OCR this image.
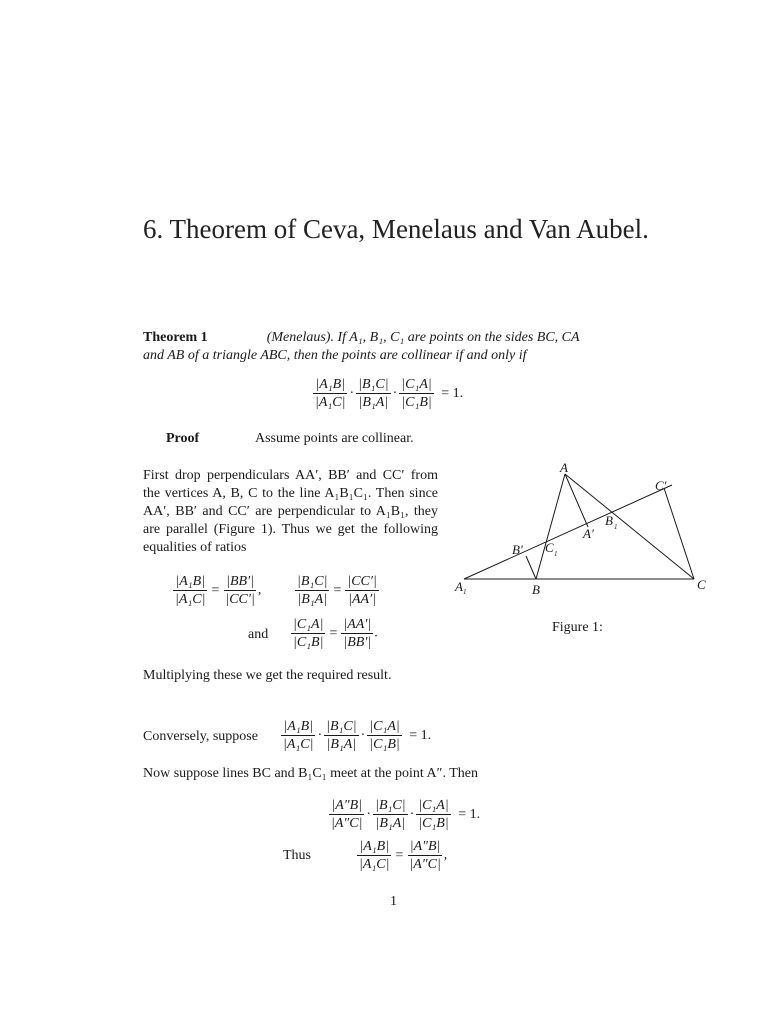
6. Theorem of Ceva, Menelaus and Van Aubel.
Theorem 1	(Menelaus). If A₁, B₁, C₁ are points on the sides BC, CA
and AB of a triangle ABC, then the points are collinear if and only if
$\frac{\text{|A₁B|}}{\text{|A₁C|}} \cdot \frac{\text{|B₁C|}}{\text{|B₁A|}} \cdot \frac{\text{|C₁A|}}{\text{|C₁B|}} = 1$.
Proof	Assume points are collinear.
First drop perpendiculars AA′, BB′ and CC′ from the vertices A, B, C to the line A₁B₁C₁. Then since AA′, BB′ and CC′ are perpendicular to A₁B₁, they are parallel (Figure 1). Thus we get the following equalities of ratios
$\frac{\text{|A₁B|}}{\text{|A₁C|}} = \frac{|BB'|}{|CC'|}$ , $\frac{\text{|B₁C|}}{\text{|B₁A|}} = \frac{|CC'|}{|AA'|}$
and $\frac{\text{|C₁A|}}{\text{|C₁B|}} = \frac{|AA'|}{|BB'|}$ .
Multiplying these we get the required result.
Conversely, suppose $\frac{\text{|A₁B|}}{\text{|A₁C|}} \cdot \frac{\text{|B₁C|}}{\text{|B₁A|}} \cdot \frac{\text{|C₁A|}}{\text{|C₁B|}} = 1$.
Now suppose lines BC and B₁C₁ meet at the point A″. Then
$\frac{|A''B|}{|A''C|} \cdot \frac{\text{|B₁C|}}{\text{|B₁A|}} \cdot \frac{\text{|C₁A|}}{\text{|C₁B|}} = 1$.
Thus	$\frac{\text{|A₁B|}}{\text{|A₁C|}} = \frac{|A''B|}{|A''C|}$ ,
A
A′
B
B′
B 1
C
C′
C 1
A 1
Figure 1:
1
